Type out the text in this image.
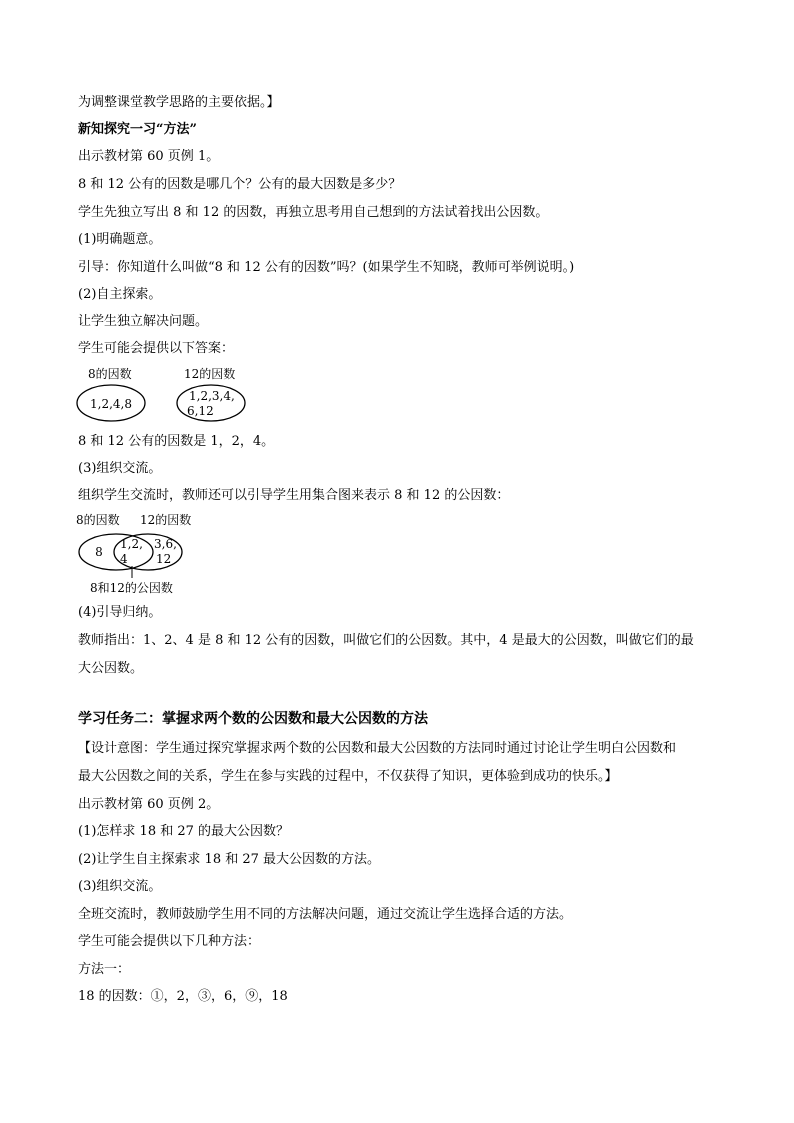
为调整课堂教学思路的主要依据。】
新知探究一习“方法”
出示教材第 60 页例 1。
8 和 12 公有的因数是哪几个？公有的最大因数是多少？
学生先独立写出 8 和 12 的因数，再独立思考用自己想到的方法试着找出公因数。
(1)明确题意。
引导：你知道什么叫做“8 和 12 公有的因数”吗？(如果学生不知晓，教师可举例说明。)
(2)自主探索。
让学生独立解决问题。
学生可能会提供以下答案：
8的因数
1,2,4,8
12的因数
1,2,3,4,
6,12
8 和 12 公有的因数是 1，2，4。
(3)组织交流。
组织学生交流时，教师还可以引导学生用集合图来表示 8 和 12 的公因数：
8的因数 12的因数
8
1,2,
4
3,6,
12
8和12的公因数
(4)引导归纳。
教师指出：1、2、4 是 8 和 12 公有的因数，叫做它们的公因数。其中，4 是最大的公因数，叫做它们的最
大公因数。
学习任务二：掌握求两个数的公因数和最大公因数的方法
【设计意图：学生通过探究掌握求两个数的公因数和最大公因数的方法同时通过讨论让学生明白公因数和
最大公因数之间的关系，学生在参与实践的过程中，不仅获得了知识，更体验到成功的快乐。】
出示教材第 60 页例 2。
(1)怎样求 18 和 27 的最大公因数？
(2)让学生自主探索求 18 和 27 最大公因数的方法。
(3)组织交流。
全班交流时，教师鼓励学生用不同的方法解决问题，通过交流让学生选择合适的方法。
学生可能会提供以下几种方法：
方法一：
18 的因数：①，2，③，6，⑨，18
